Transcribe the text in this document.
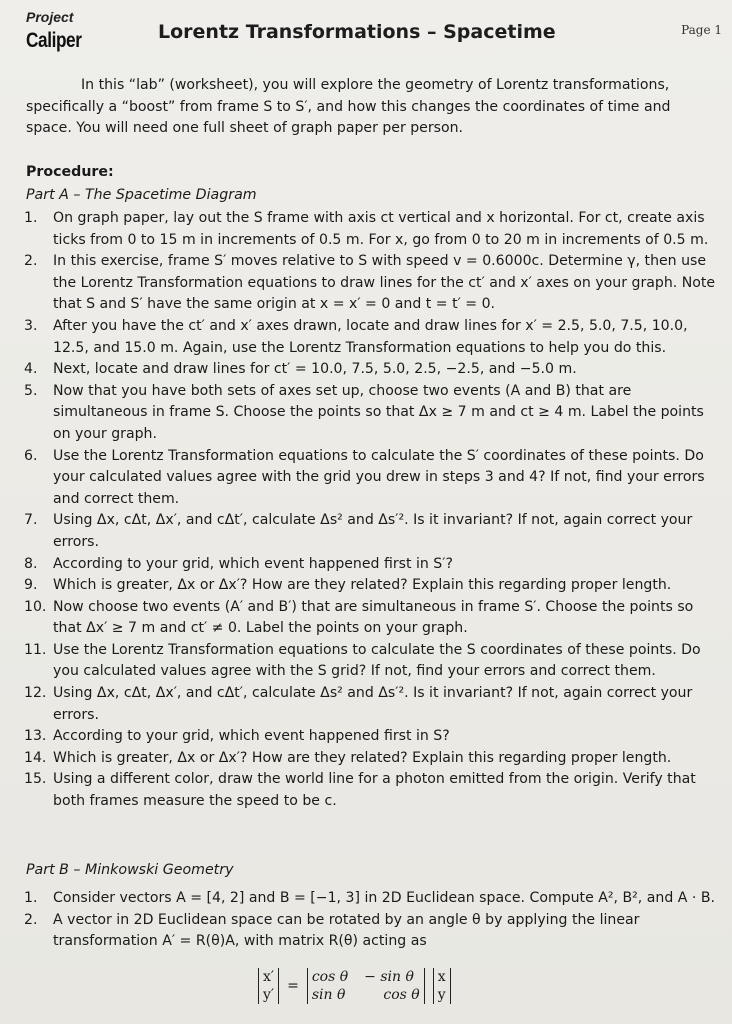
Project
Caliper	Lorentz Transformations – Spacetime	Page 1

In this “lab” (worksheet), you will explore the geometry of Lorentz transformations, specifically a “boost” from frame S to S′, and how this changes the coordinates of time and space. You will need one full sheet of graph paper per person.

Procedure:
Part A – The Spacetime Diagram
1.	On graph paper, lay out the S frame with axis ct vertical and x horizontal. For ct, create axis ticks from 0 to 15 m in increments of 0.5 m. For x, go from 0 to 20 m in increments of 0.5 m.
2.	In this exercise, frame S′ moves relative to S with speed v = 0.6000c. Determine γ, then use the Lorentz Transformation equations to draw lines for the ct′ and x′ axes on your graph. Note that S and S′ have the same origin at x = x′ = 0 and t = t′ = 0.
3.	After you have the ct′ and x′ axes drawn, locate and draw lines for x′ = 2.5, 5.0, 7.5, 10.0, 12.5, and 15.0 m. Again, use the Lorentz Transformation equations to help you do this.
4.	Next, locate and draw lines for ct′ = 10.0, 7.5, 5.0, 2.5, −2.5, and −5.0 m.
5.	Now that you have both sets of axes set up, choose two events (A and B) that are simultaneous in frame S. Choose the points so that Δx ≥ 7 m and ct ≥ 4 m. Label the points on your graph.
6.	Use the Lorentz Transformation equations to calculate the S′ coordinates of these points. Do your calculated values agree with the grid you drew in steps 3 and 4? If not, find your errors and correct them.
7.	Using Δx, cΔt, Δx′, and cΔt′, calculate Δs² and Δs′². Is it invariant? If not, again correct your errors.
8.	According to your grid, which event happened first in S′?
9.	Which is greater, Δx or Δx′? How are they related? Explain this regarding proper length.
10. Now choose two events (A′ and B′) that are simultaneous in frame S′. Choose the points so that Δx′ ≥ 7 m and ct′ ≠ 0. Label the points on your graph.
11. Use the Lorentz Transformation equations to calculate the S coordinates of these points. Do you calculated values agree with the S grid? If not, find your errors and correct them.
12. Using Δx, cΔt, Δx′, and cΔt′, calculate Δs² and Δs′². Is it invariant? If not, again correct your errors.
13. According to your grid, which event happened first in S?
14. Which is greater, Δx or Δx′? How are they related? Explain this regarding proper length.
15. Using a different color, draw the world line for a photon emitted from the origin. Verify that both frames measure the speed to be c.
Part B – Minkowski Geometry
1.	Consider vectors A = [4, 2] and B = [−1, 3] in 2D Euclidean space. Compute A², B², and A · B.
2.	A vector in 2D Euclidean space can be rotated by an angle θ by applying the linear transformation A′ = R(θ)A, with matrix R(θ) acting as
x′
y′
=
cos θ − sin θ
sin θ	cos θ
x
y
